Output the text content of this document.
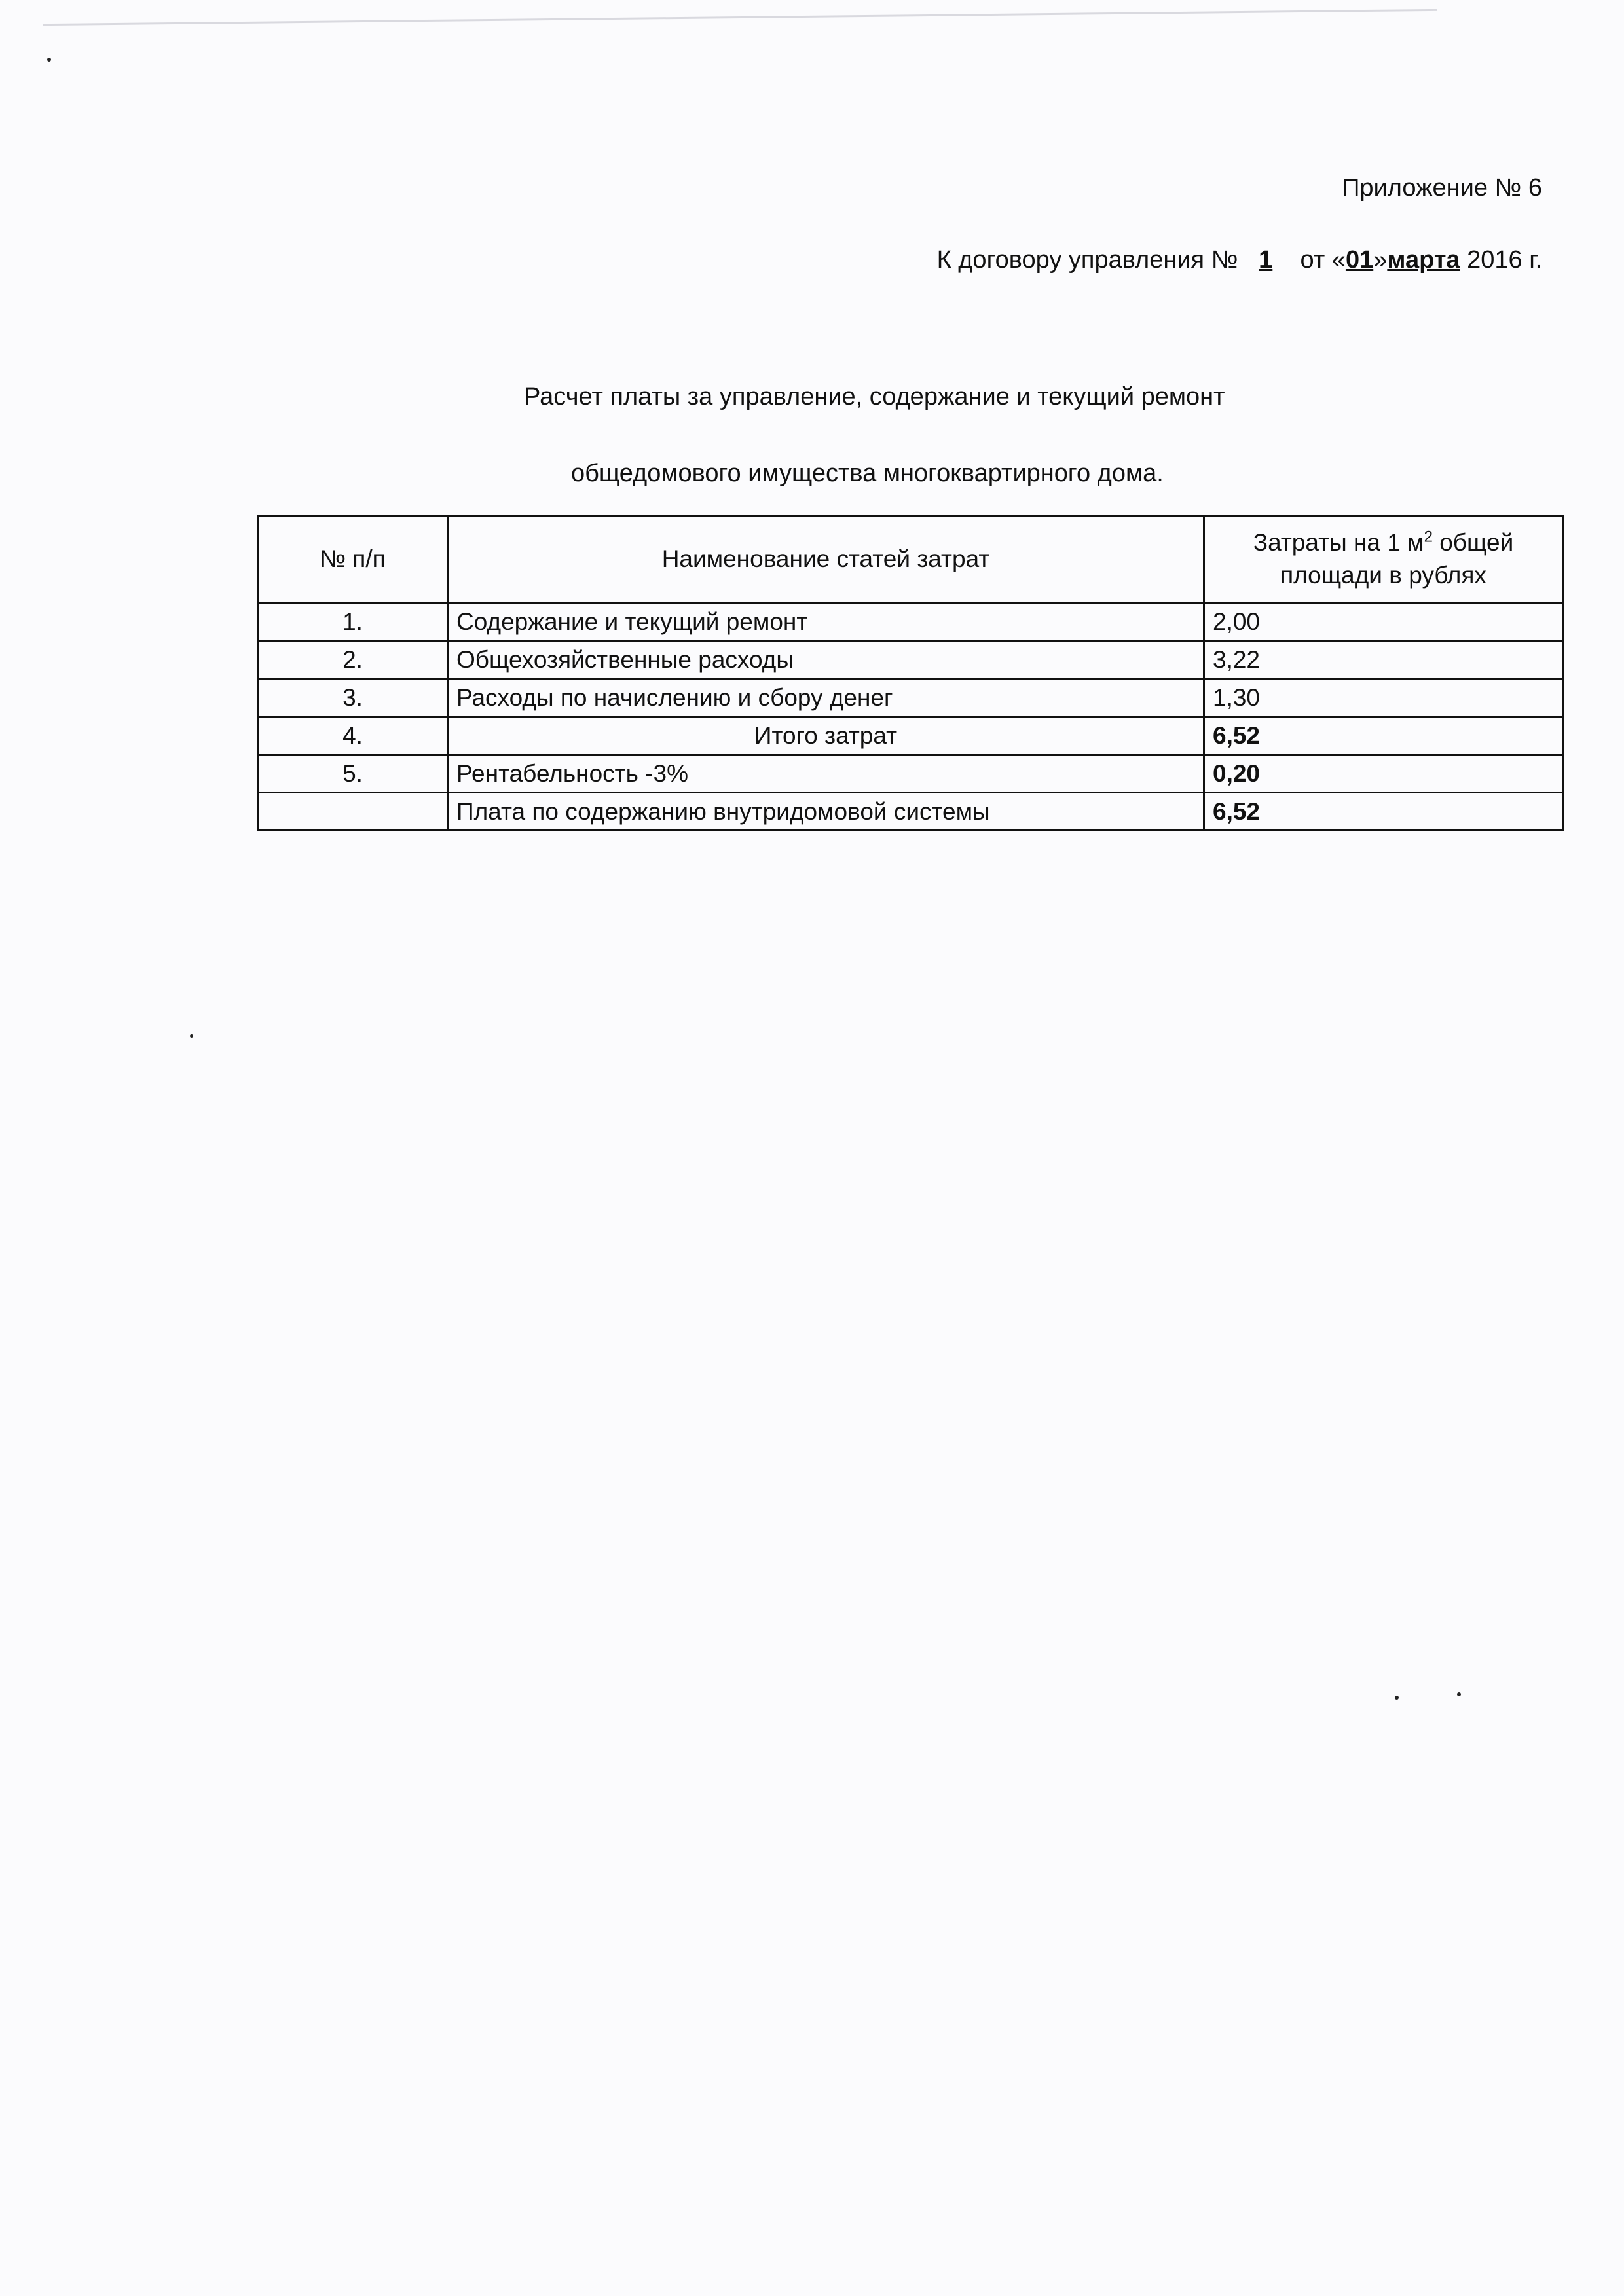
Приложение № 6
К договору управления № 1 от «01»марта 2016 г.
Расчет платы за управление, содержание и текущий ремонт
общедомового имущества многоквартирного дома.
№ п/п	Наименование статей затрат	Затраты на 1 $м^2$ общей
площади в рублях
1.	Содержание и текущий ремонт	2,00
2.	Общехозяйственные расходы	3,22
3.	Расходы по начислению и сбору денег	1,30
4.	Итого затрат	6,52
5.	Рентабельность -3%	0,20
	Плата по содержанию внутридомовой системы	6,52
